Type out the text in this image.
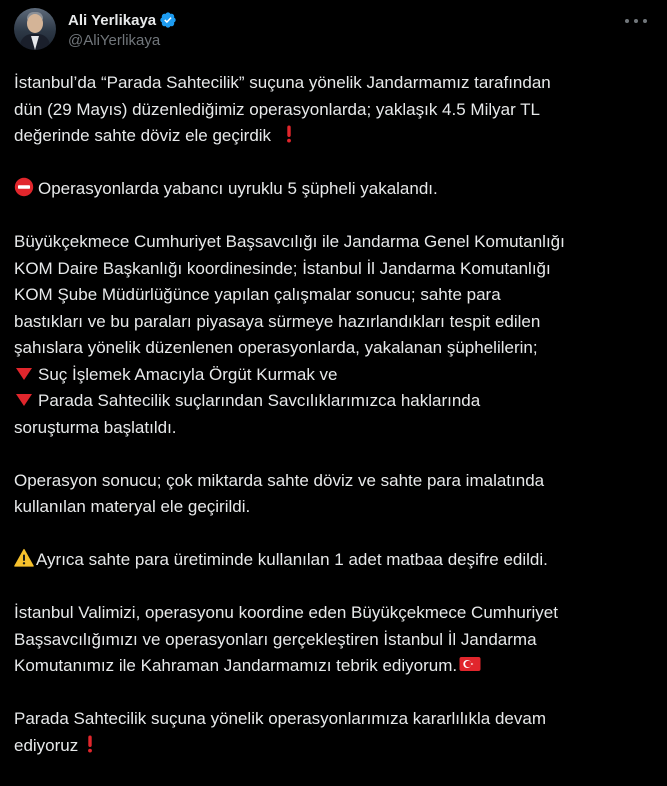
Ali Yerlikaya
@AliYerlikaya

İstanbul’da “Parada Sahtecilik” suçuna yönelik Jandarmamız tarafından
dün (29 Mayıs) düzenlediğimiz operasyonlarda; yaklaşık 4.5 Milyar TL
değerinde sahte döviz ele geçirdik

Operasyonlarda yabancı uyruklu 5 şüpheli yakalandı.

Büyükçekmece Cumhuriyet Başsavcılığı ile Jandarma Genel Komutanlığı
KOM Daire Başkanlığı koordinesinde; İstanbul İl Jandarma Komutanlığı
KOM Şube Müdürlüğünce yapılan çalışmalar sonucu; sahte para
bastıkları ve bu paraları piyasaya sürmeye hazırlandıkları tespit edilen
şahıslara yönelik düzenlenen operasyonlarda, yakalanan şüphelilerin;
Suç İşlemek Amacıyla Örgüt Kurmak ve
Parada Sahtecilik suçlarından Savcılıklarımızca haklarında
soruşturma başlatıldı.

Operasyon sonucu; çok miktarda sahte döviz ve sahte para imalatında
kullanılan materyal ele geçirildi.

Ayrıca sahte para üretiminde kullanılan 1 adet matbaa deşifre edildi.

İstanbul Valimizi, operasyonu koordine eden Büyükçekmece Cumhuriyet
Başsavcılığımızı ve operasyonları gerçekleştiren İstanbul İl Jandarma
Komutanımız ile Kahraman Jandarmamızı tebrik ediyorum.

Parada Sahtecilik suçuna yönelik operasyonlarımıza kararlılıkla devam
ediyoruz
